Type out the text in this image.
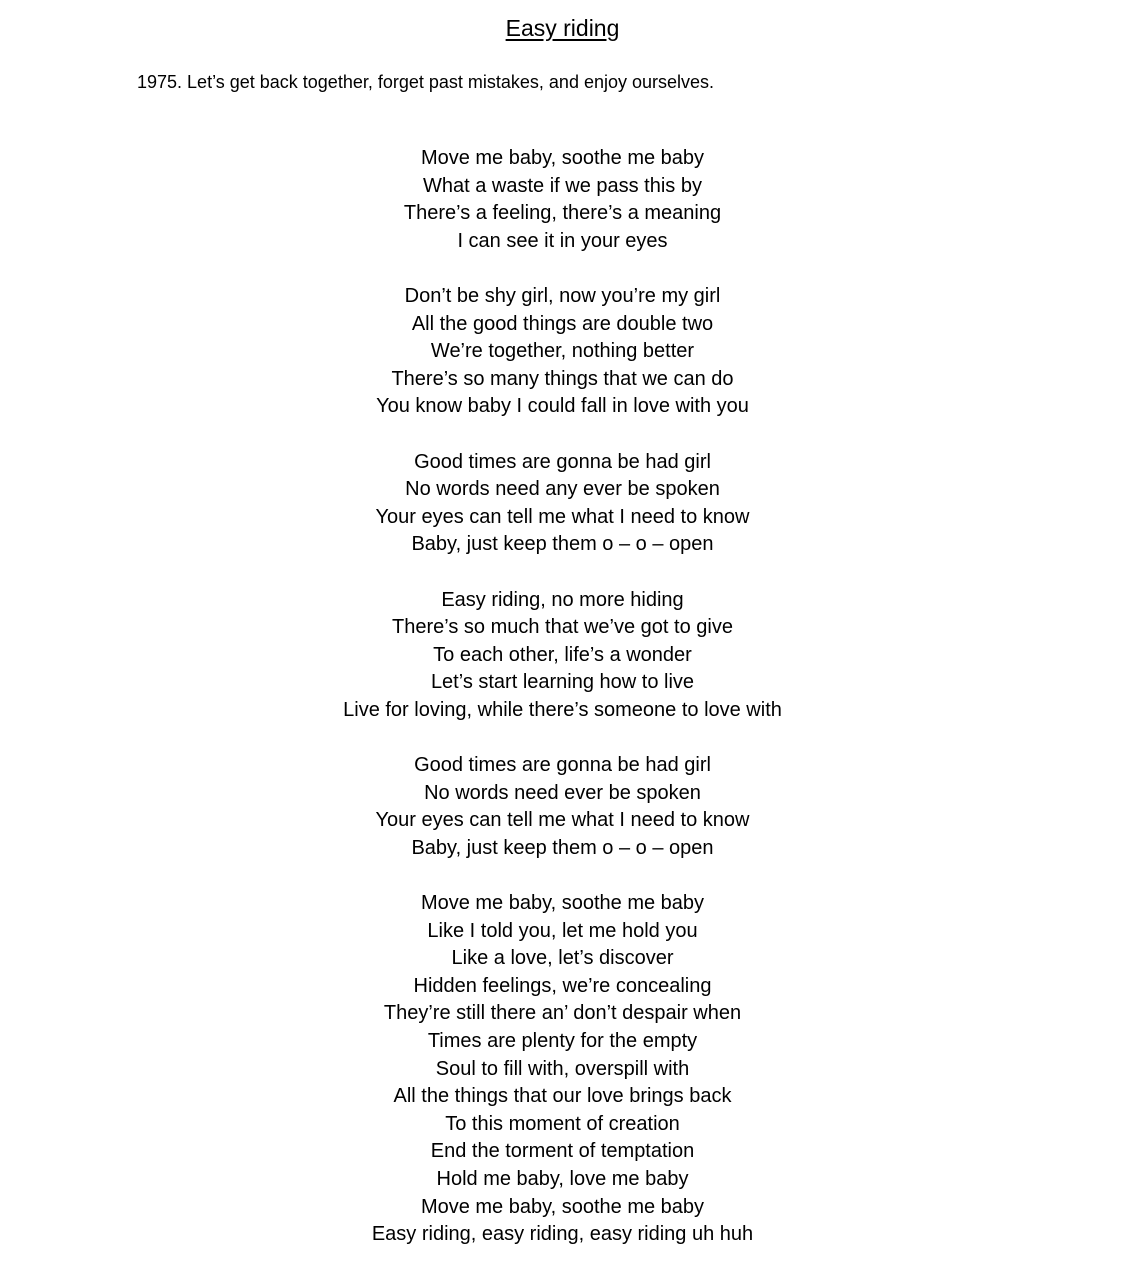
Easy riding
1975. Let’s get back together, forget past mistakes, and enjoy ourselves.
Move me baby, soothe me baby
What a waste if we pass this by
There’s a feeling, there’s a meaning
I can see it in your eyes
Don’t be shy girl, now you’re my girl
All the good things are double two
We’re together, nothing better
There’s so many things that we can do
You know baby I could fall in love with you
Good times are gonna be had girl
No words need any ever be spoken
Your eyes can tell me what I need to know
Baby, just keep them o – o – open
Easy riding, no more hiding
There’s so much that we’ve got to give
To each other, life’s a wonder
Let’s start learning how to live
Live for loving, while there’s someone to love with
Good times are gonna be had girl
No words need ever be spoken
Your eyes can tell me what I need to know
Baby, just keep them o – o – open
Move me baby, soothe me baby
Like I told you, let me hold you
Like a love, let’s discover
Hidden feelings, we’re concealing
They’re still there an’ don’t despair when
Times are plenty for the empty
Soul to fill with, overspill with
All the things that our love brings back
To this moment of creation
End the torment of temptation
Hold me baby, love me baby
Move me baby, soothe me baby
Easy riding, easy riding, easy riding uh huh
